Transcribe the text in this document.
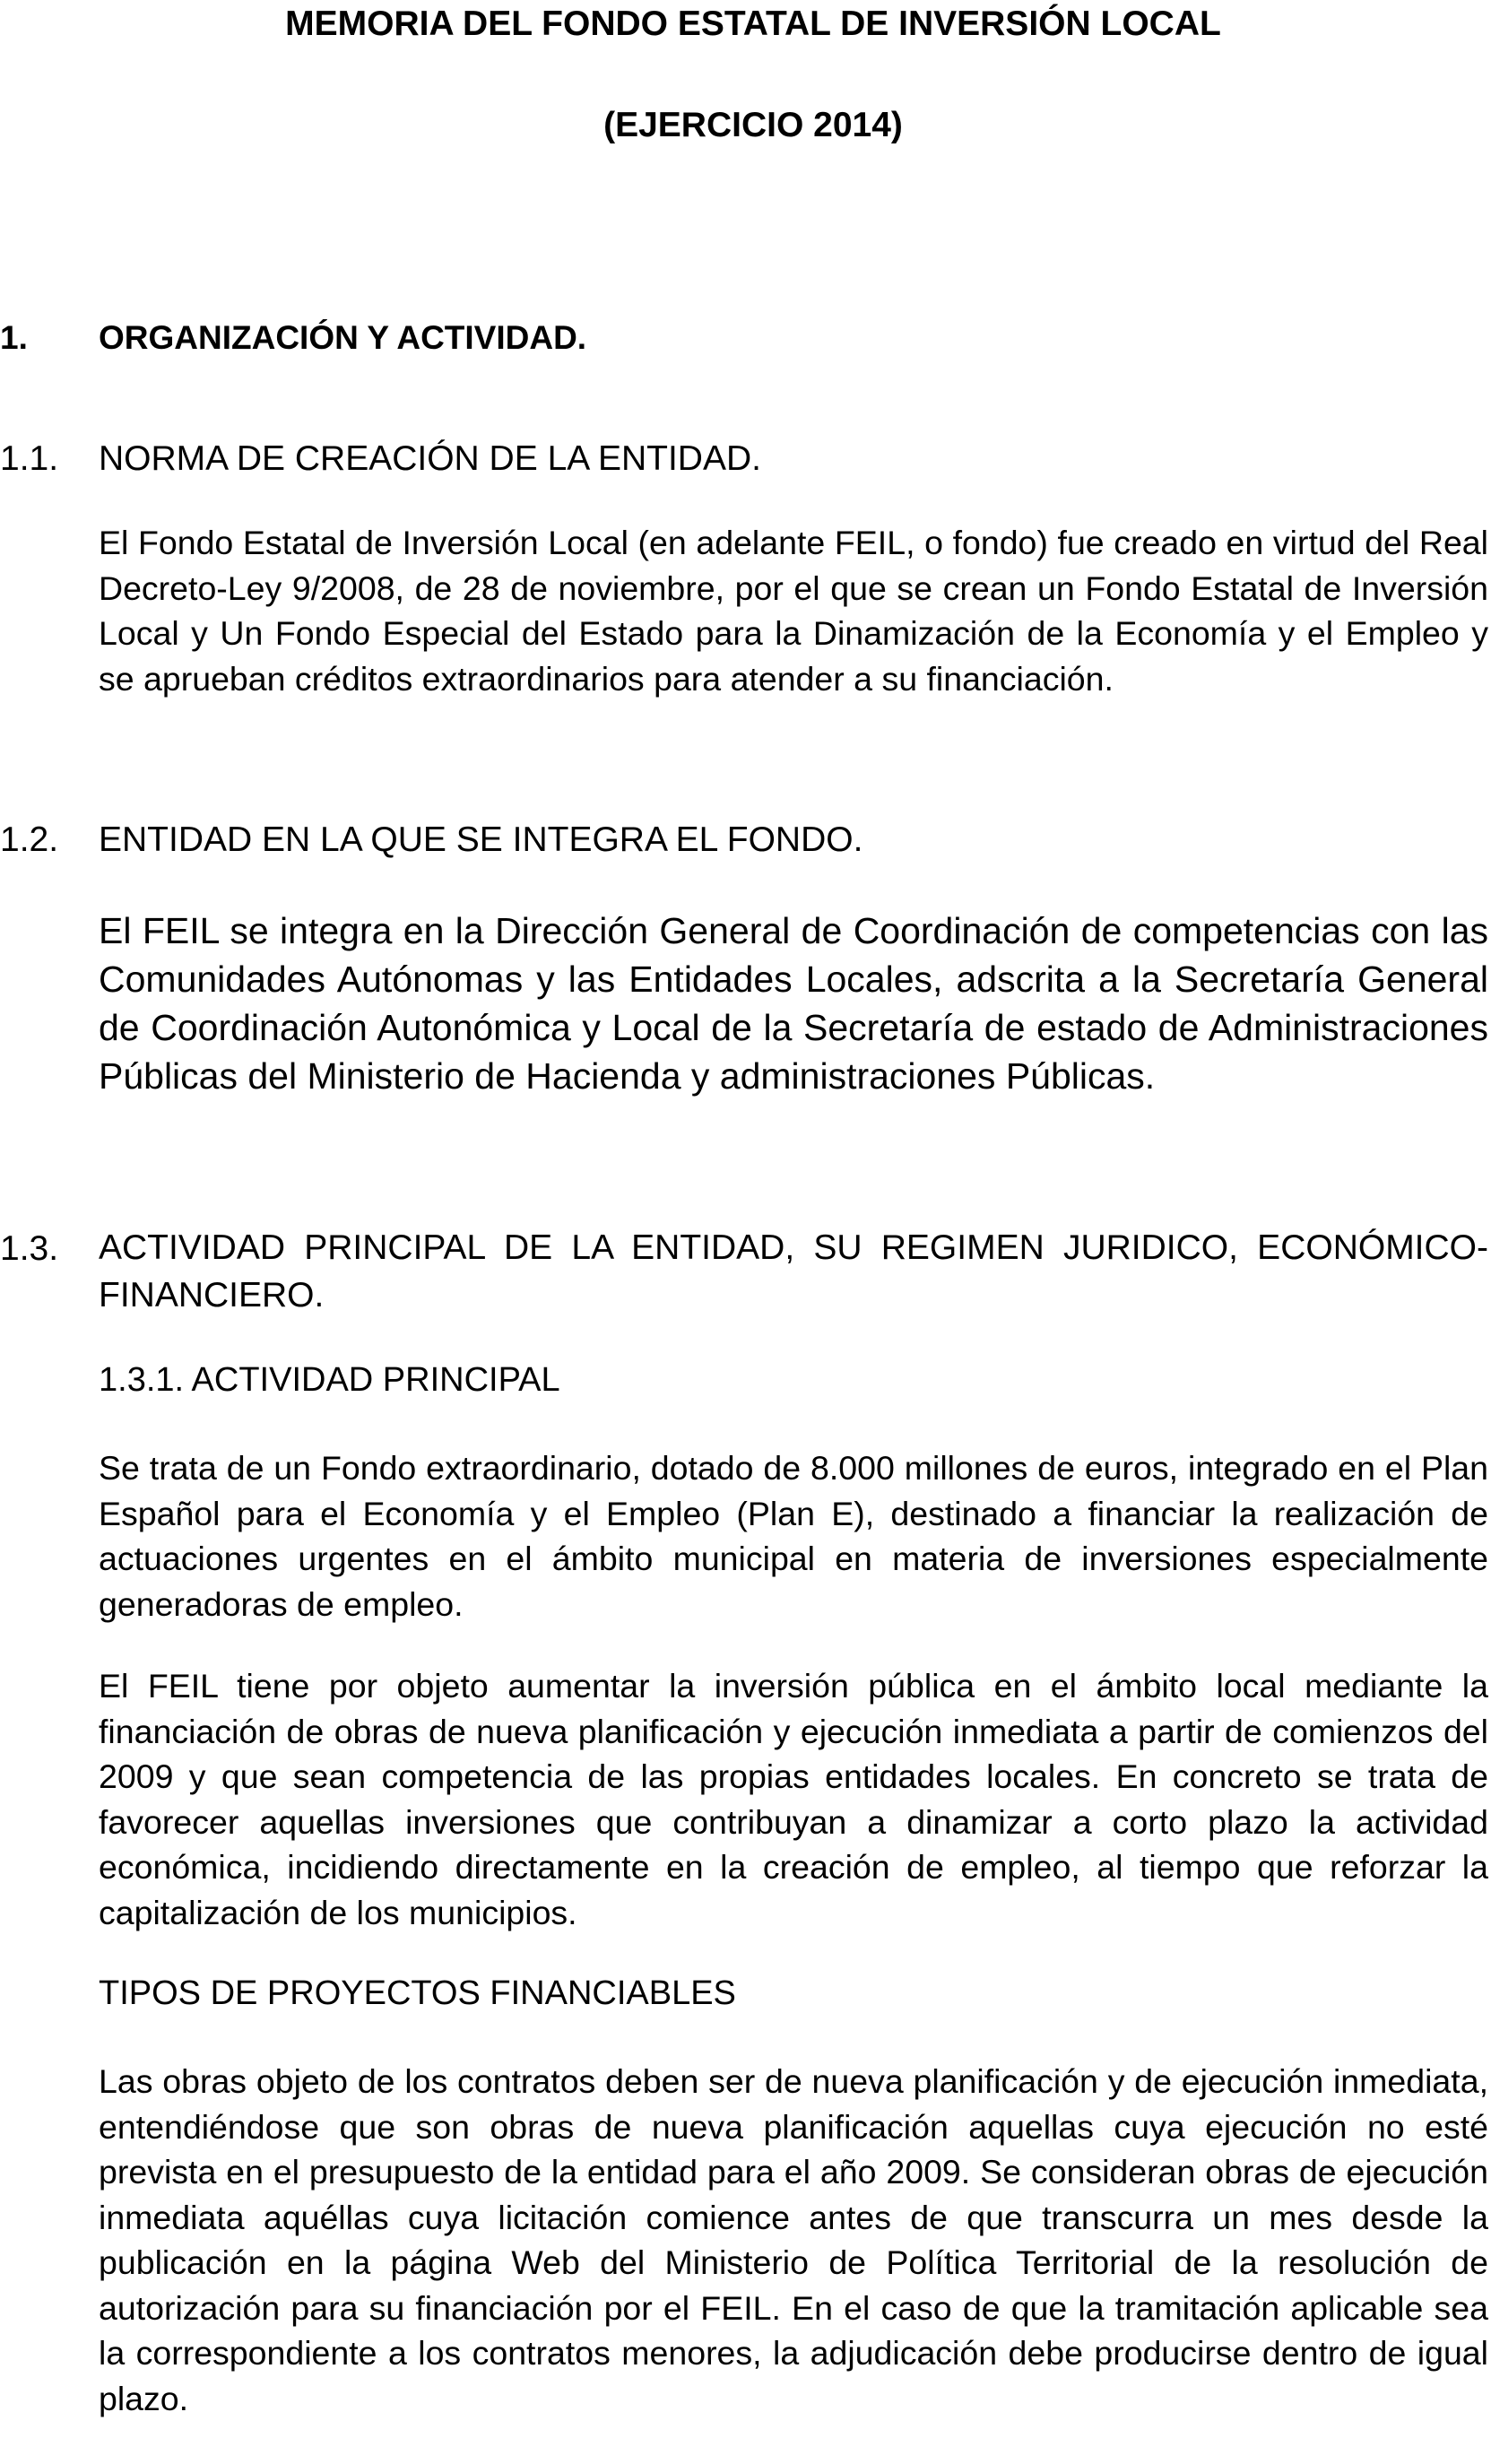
MEMORIA DEL FONDO ESTATAL DE INVERSIÓN LOCAL
(EJERCICIO 2014)
1. ORGANIZACIÓN Y ACTIVIDAD.
1.1. NORMA DE CREACIÓN DE LA ENTIDAD.
El Fondo Estatal de Inversión Local (en adelante FEIL, o fondo) fue creado en virtud del Real Decreto-Ley 9/2008, de 28 de noviembre, por el que se crean un Fondo Estatal de Inversión Local y Un Fondo Especial del Estado para la Dinamización de la Economía y el Empleo y se aprueban créditos extraordinarios para atender a su financiación.
1.2. ENTIDAD EN LA QUE SE INTEGRA EL FONDO.
El FEIL se integra en la Dirección General de Coordinación de competencias con las Comunidades Autónomas y las Entidades Locales, adscrita a la Secretaría General de Coordinación Autonómica y Local de la Secretaría de estado de Administraciones Públicas del Ministerio de Hacienda y administraciones Públicas.
1.3. ACTIVIDAD PRINCIPAL DE LA ENTIDAD, SU REGIMEN JURIDICO, ECONÓMICO-FINANCIERO.
1.3.1. ACTIVIDAD PRINCIPAL
Se trata de un Fondo extraordinario, dotado de 8.000 millones de euros, integrado en el Plan Español para el Economía y el Empleo (Plan E), destinado a financiar la realización de actuaciones urgentes en el ámbito municipal en materia de inversiones especialmente generadoras de empleo.
El FEIL tiene por objeto aumentar la inversión pública en el ámbito local mediante la financiación de obras de nueva planificación y ejecución inmediata a partir de comienzos del 2009 y que sean competencia de las propias entidades locales. En concreto se trata de favorecer aquellas inversiones que contribuyan a dinamizar a corto plazo la actividad económica, incidiendo directamente en la creación de empleo, al tiempo que reforzar la capitalización de los municipios.
TIPOS DE PROYECTOS FINANCIABLES
Las obras objeto de los contratos deben ser de nueva planificación y de ejecución inmediata, entendiéndose que son obras de nueva planificación aquellas cuya ejecución no esté prevista en el presupuesto de la entidad para el año 2009. Se consideran obras de ejecución inmediata aquéllas cuya licitación comience antes de que transcurra un mes desde la publicación en la página Web del Ministerio de Política Territorial de la resolución de autorización para su financiación por el FEIL. En el caso de que la tramitación aplicable sea la correspondiente a los contratos menores, la adjudicación debe producirse dentro de igual plazo.
